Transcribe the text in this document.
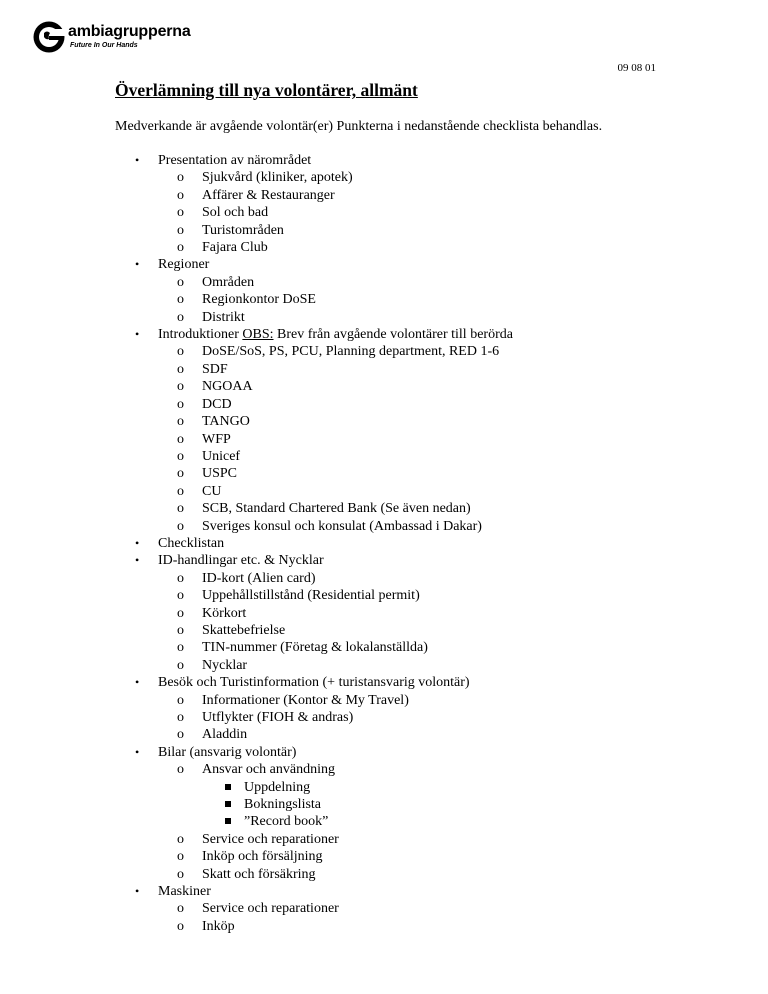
ambiagrupperna
Future In Our Hands
09 08 01
Överlämning till nya volontärer, allmänt
Medverkande är avgående volontär(er) Punkterna i nedanstående checklista behandlas.
• Presentation av närområdet
o Sjukvård (kliniker, apotek)
o Affärer & Restauranger
o Sol och bad
o Turistområden
o Fajara Club
• Regioner
o Områden
o Regionkontor DoSE
o Distrikt
• Introduktioner OBS: Brev från avgående volontärer till berörda
o DoSE/SoS, PS, PCU, Planning department, RED 1-6
o SDF
o NGOAA
o DCD
o TANGO
o WFP
o Unicef
o USPC
o CU
o SCB, Standard Chartered Bank (Se även nedan)
o Sveriges konsul och konsulat (Ambassad i Dakar)
• Checklistan
• ID-handlingar etc. & Nycklar
o ID-kort (Alien card)
o Uppehållstillstånd (Residential permit)
o Körkort
o Skattebefrielse
o TIN-nummer (Företag & lokalanställda)
o Nycklar
• Besök och Turistinformation (+ turistansvarig volontär)
o Informationer (Kontor & My Travel)
o Utflykter (FIOH & andras)
o Aladdin
• Bilar (ansvarig volontär)
o Ansvar och användning
Uppdelning
Bokningslista
”Record book”
o Service och reparationer
o Inköp och försäljning
o Skatt och försäkring
• Maskiner
o Service och reparationer
o Inköp
